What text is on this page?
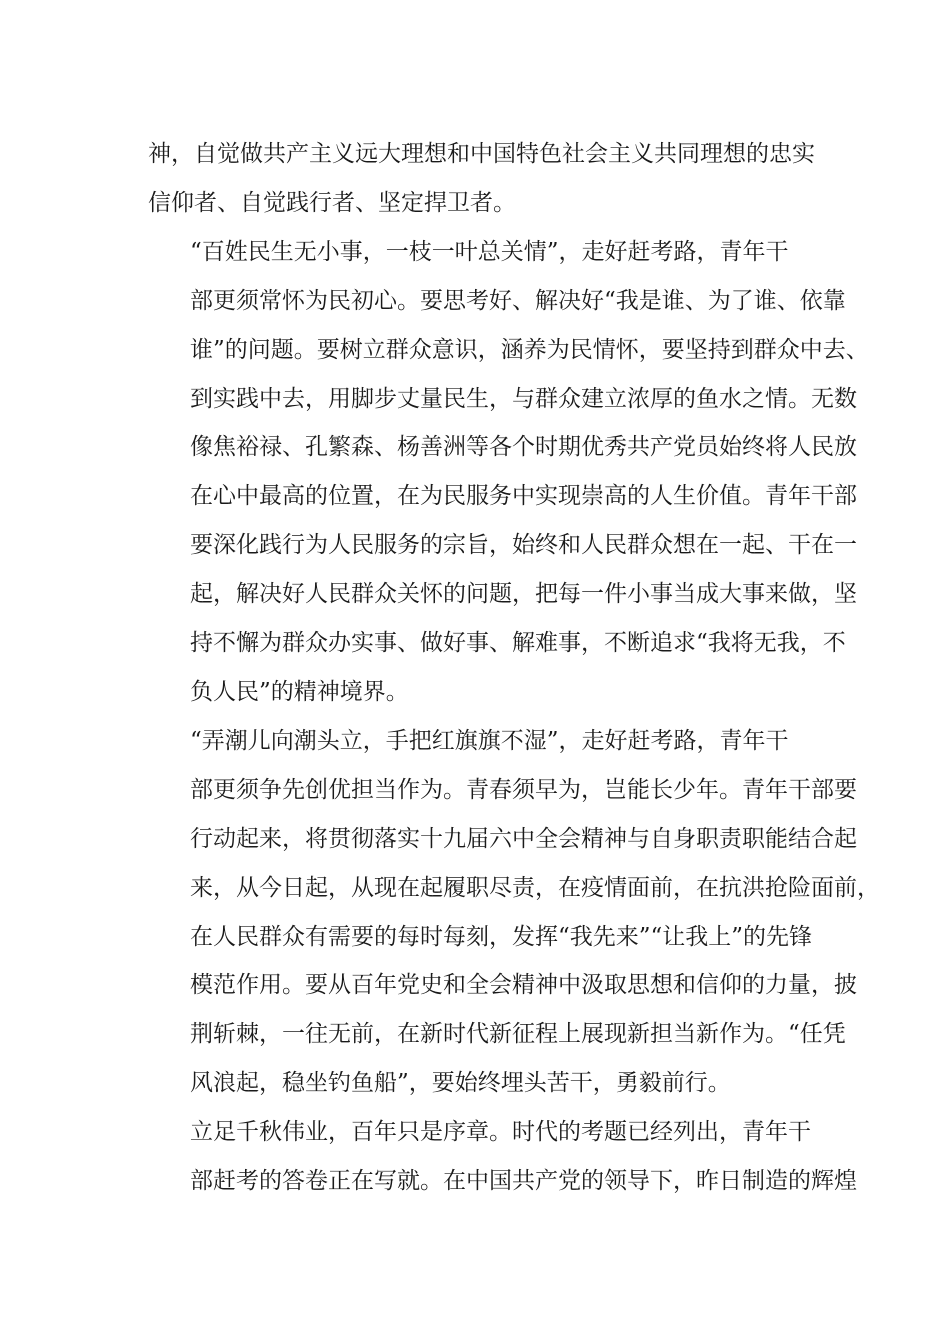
神，自觉做共产主义远大理想和中国特色社会主义共同理想的忠实
信仰者、自觉践行者、坚定捍卫者。

“百姓民生无小事，一枝一叶总关情”，走好赶考路，青年干
部更须常怀为民初心。要思考好、解决好“我是谁、为了谁、依靠
谁”的问题。要树立群众意识，涵养为民情怀，要坚持到群众中去、
到实践中去，用脚步丈量民生，与群众建立浓厚的鱼水之情。无数
像焦裕禄、孔繁森、杨善洲等各个时期优秀共产党员始终将人民放
在心中最高的位置，在为民服务中实现崇高的人生价值。青年干部
要深化践行为人民服务的宗旨，始终和人民群众想在一起、干在一
起，解决好人民群众关怀的问题，把每一件小事当成大事来做，坚
持不懈为群众办实事、做好事、解难事，不断追求“我将无我，不
负人民”的精神境界。

“弄潮儿向潮头立，手把红旗旗不湿”，走好赶考路，青年干
部更须争先创优担当作为。青春须早为，岂能长少年。青年干部要
行动起来，将贯彻落实十九届六中全会精神与自身职责职能结合起
来，从今日起，从现在起履职尽责，在疫情面前，在抗洪抢险面前，
在人民群众有需要的每时每刻，发挥“我先来”“让我上”的先锋
模范作用。要从百年党史和全会精神中汲取思想和信仰的力量，披
荆斩棘，一往无前，在新时代新征程上展现新担当新作为。“任凭
风浪起，稳坐钓鱼船”，要始终埋头苦干，勇毅前行。

立足千秋伟业，百年只是序章。时代的考题已经列出，青年干
部赶考的答卷正在写就。在中国共产党的领导下，昨日制造的辉煌
